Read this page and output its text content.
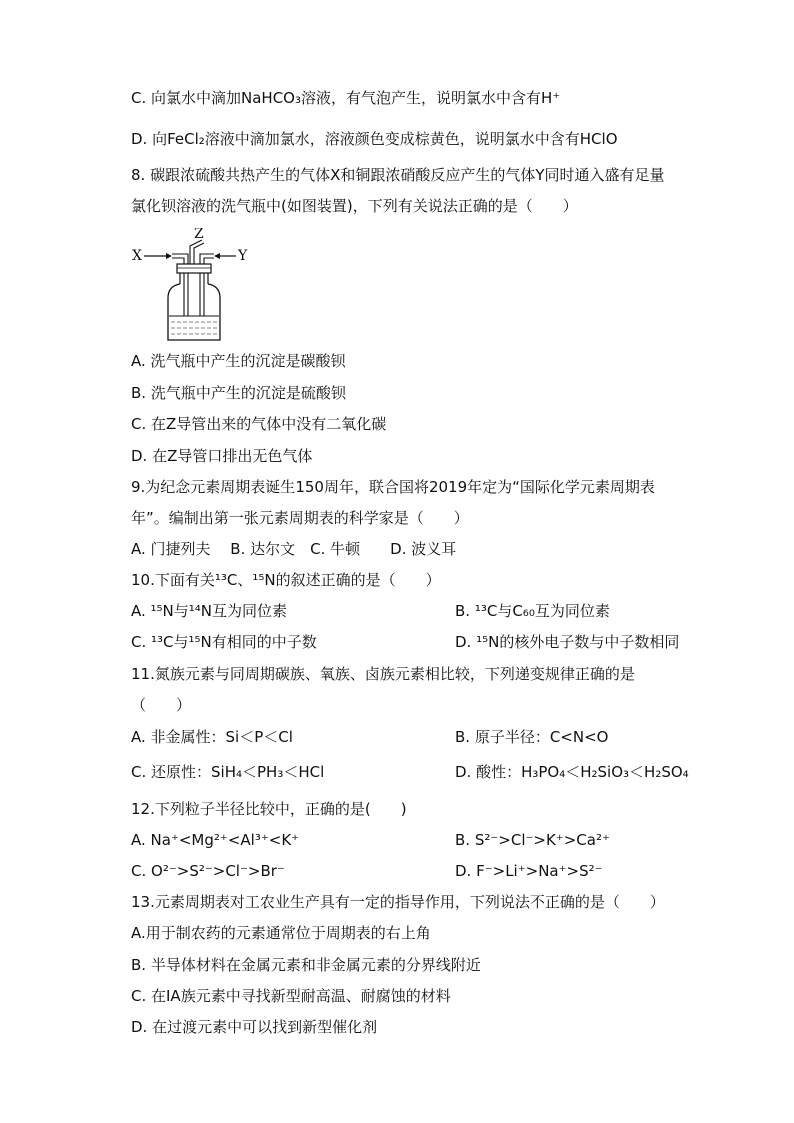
C. 向氯水中滴加NaHCO₃溶液，有气泡产生，说明氯水中含有H⁺
D. 向FeCl₂溶液中滴加氯水，溶液颜色变成棕黄色，说明氯水中含有HClO
8. 碳跟浓硫酸共热产生的气体X和铜跟浓硝酸反应产生的气体Y同时通入盛有足量
氯化钡溶液的洗气瓶中(如图装置)，下列有关说法正确的是（　　）
X
Z
Y
A. 洗气瓶中产生的沉淀是碳酸钡
B. 洗气瓶中产生的沉淀是硫酸钡
C. 在Z导管出来的气体中没有二氧化碳
D. 在Z导管口排出无色气体
9.为纪念元素周期表诞生150周年，联合国将2019年定为“国际化学元素周期表
年”。编制出第一张元素周期表的科学家是（　　）
A. 门捷列夫　 B. 达尔文　C. 牛顿　　D. 波义耳
10.下面有关¹³C、¹⁵N的叙述正确的是（　　）
A. ¹⁵N与¹⁴N互为同位素	B. ¹³C与C₆₀互为同位素
C. ¹³C与¹⁵N有相同的中子数	D. ¹⁵N的核外电子数与中子数相同
11.氮族元素与同周期碳族、氧族、卤族元素相比较，下列递变规律正确的是
（　　）
A. 非金属性：Si＜P＜Cl	B. 原子半径：C<N<O
C. 还原性：SiH₄＜PH₃＜HCl	D. 酸性：H₃PO₄＜H₂SiO₃＜H₂SO₄
12.下列粒子半径比较中，正确的是(　　)
A. Na⁺<Mg²⁺<Al³⁺<K⁺	B. S²⁻>Cl⁻>K⁺>Ca²⁺
C. O²⁻>S²⁻>Cl⁻>Br⁻	D. F⁻>Li⁺>Na⁺>S²⁻
13.元素周期表对工农业生产具有一定的指导作用，下列说法不正确的是（　　）
A.用于制农药的元素通常位于周期表的右上角
B. 半导体材料在金属元素和非金属元素的分界线附近
C. 在IA族元素中寻找新型耐高温、耐腐蚀的材料
D. 在过渡元素中可以找到新型催化剂
